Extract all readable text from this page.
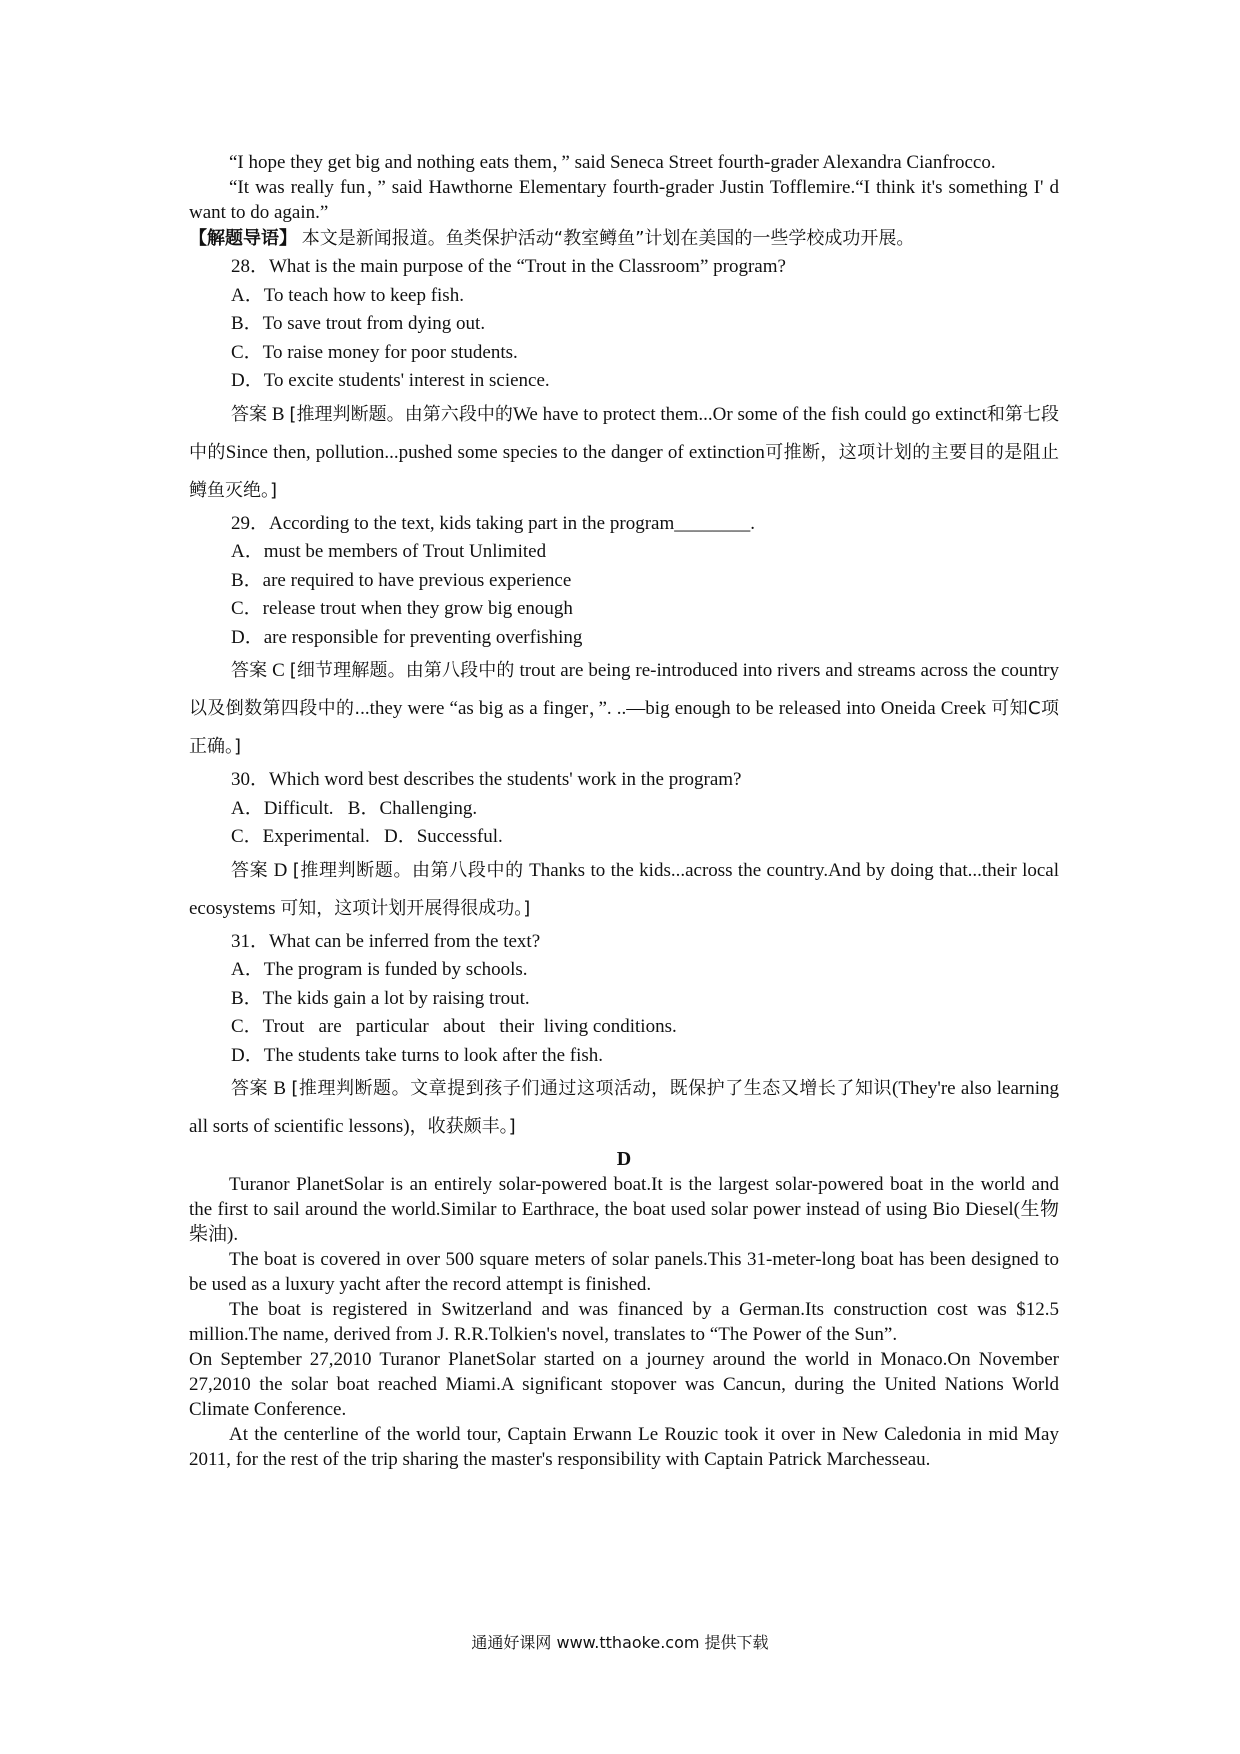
“I hope they get big and nothing eats them，” said Seneca Street fourth-grader Alexandra Cianfrocco.

“It was really fun，” said Hawthorne Elementary fourth-grader Justin Tofflemire.“I think it's something I' d want to do again.”

【解题导语】 本文是新闻报道。鱼类保护活动“教室鳟鱼”计划在美国的一些学校成功开展。

28．What is the main purpose of the “Trout in the Classroom” program?

A．To teach how to keep fish.

B．To save trout from dying out.

C．To raise money for poor students.

D．To excite students' interest in science.

答案 B [推理判断题。由第六段中的We have to protect them...Or some of the fish could go extinct和第七段中的Since then, pollution...pushed some species to the danger of extinction可推断，这项计划的主要目的是阻止鳟鱼灭绝。]

29．According to the text, kids taking part in the program________.

A．must be members of Trout Unlimited

B．are required to have previous experience

C．release trout when they grow big enough

D．are responsible for preventing overfishing

答案 C [细节理解题。由第八段中的 trout are being re-introduced into rivers and streams across the country 以及倒数第四段中的...they were “as big as a finger，”. ..—big enough to be released into Oneida Creek 可知C项正确。]

30．Which word best describes the students' work in the program?

A．Difficult.   B．Challenging.

C．Experimental.   D．Successful.

答案 D [推理判断题。由第八段中的 Thanks to the kids...across the country.And by doing that...their local ecosystems 可知，这项计划开展得很成功。]

31．What can be inferred from the text?

A．The program is funded by schools.

B．The kids gain a lot by raising trout.

C．Trout   are   particular   about   their  living conditions.

D．The students take turns to look after the fish.

答案 B [推理判断题。文章提到孩子们通过这项活动，既保护了生态又增长了知识(They're also learning all sorts of scientific lessons)，收获颇丰。]

D

Turanor PlanetSolar is an entirely solar-powered boat.It is the largest solar-powered boat in the world and the first to sail around the world.Similar to Earthrace, the boat used solar power instead of using Bio Diesel(生物柴油).

The boat is covered in over 500 square meters of solar panels.This 31-meter-long boat has been designed to be used as a luxury yacht after the record attempt is finished.

The boat is registered in Switzerland and was financed by a German.Its construction cost was $12.5 million.The name, derived from J. R.R.Tolkien's novel, translates to “The Power of the Sun”.

On September 27,2010 Turanor PlanetSolar started on a journey around the world in Monaco.On November 27,2010 the solar boat reached Miami.A significant stopover was Cancun, during the United Nations World Climate Conference.

At the centerline of the world tour, Captain Erwann Le Rouzic took it over in New Caledonia in mid May 2011, for the rest of the trip sharing the master's responsibility with Captain Patrick Marchesseau.

通通好课网 www.tthaoke.com 提供下载
